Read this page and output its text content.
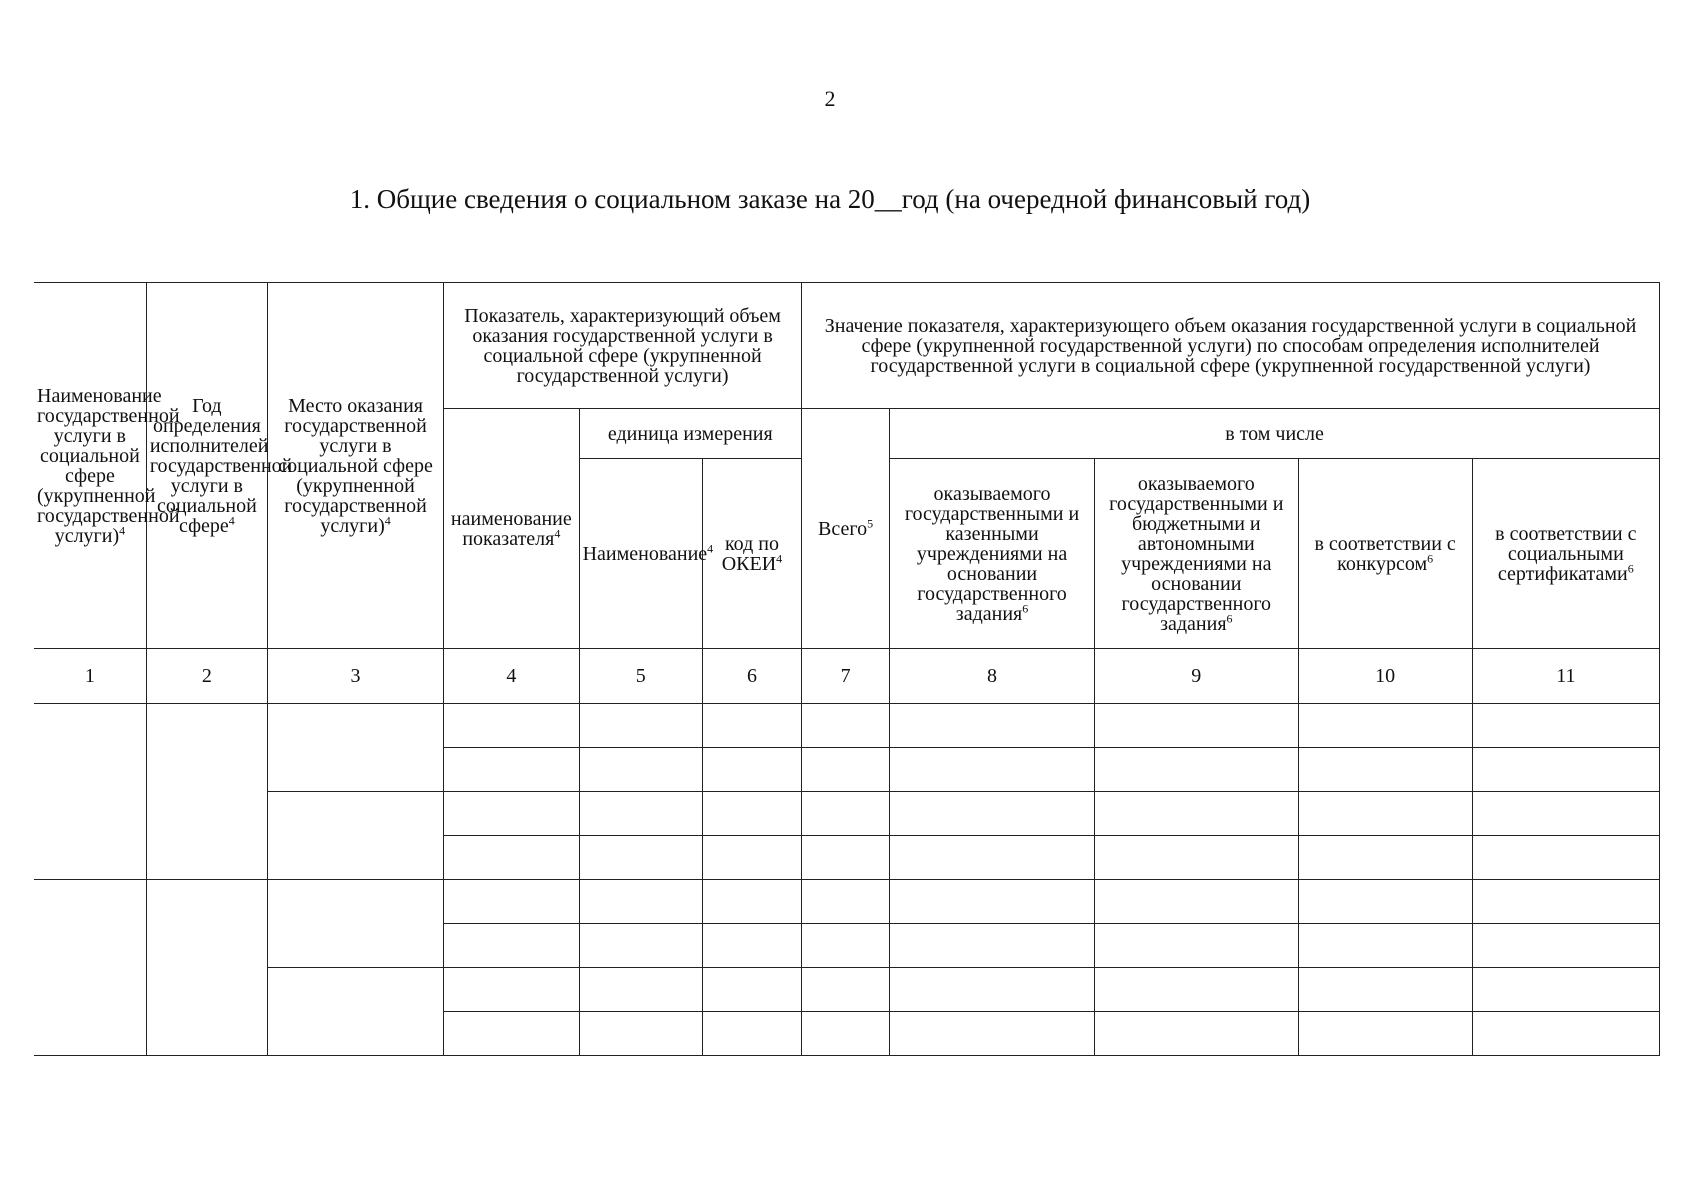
2
1. Общие сведения о социальном заказе на 20__год (на очередной финансовый год)
Наименование государственной услуги в социальной сфере (укрупненной государственной услуги)$^4$	Год определения исполнителей государственной услуги в социальной сфере$^4$	Место оказания государственной услуги в социальной сфере (укрупненной государственной услуги)$^4$	Показатель, характеризующий объем оказания государственной услуги в социальной сфере (укрупненной государственной услуги)			Значение показателя, характеризующего объем оказания государственной услуги в социальной сфере (укрупненной государственной услуги) по способам определения исполнителей государственной услуги в социальной сфере (укрупненной государственной услуги)				
			наименование показателя$^4$	единица измерения		Всего$^5$	в том числе			
				Наименование$^4$	код по ОКЕИ$^4$		оказываемого государственными и казенными учреждениями на основании государственного задания$^6$	оказываемого государственными и бюджетными и автономными учреждениями на основании государственного задания$^6$	в соответствии с конкурсом$^6$	в соответствии с социальными сертификатами$^6$
1	2	3	4	5	6	7	8	9	10	11
